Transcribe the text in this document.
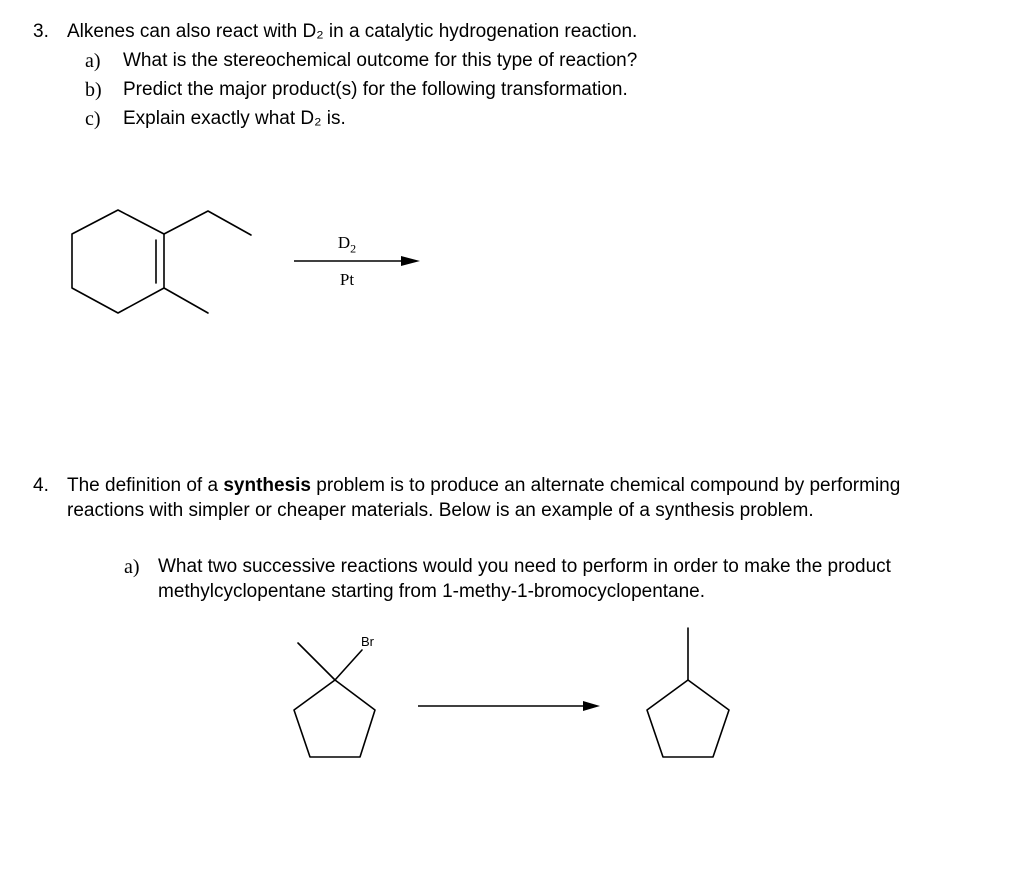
3. Alkenes can also react with D₂ in a catalytic hydrogenation reaction.
a) What is the stereochemical outcome for this type of reaction?
b) Predict the major product(s) for the following transformation.
c) Explain exactly what D₂ is.
$D_2$
Pt
4. The definition of a synthesis problem is to produce an alternate chemical compound by performing
reactions with simpler or cheaper materials. Below is an example of a synthesis problem.
a) What two successive reactions would you need to perform in order to make the product
methylcyclopentane starting from 1-methy-1-bromocyclopentane.
Br
